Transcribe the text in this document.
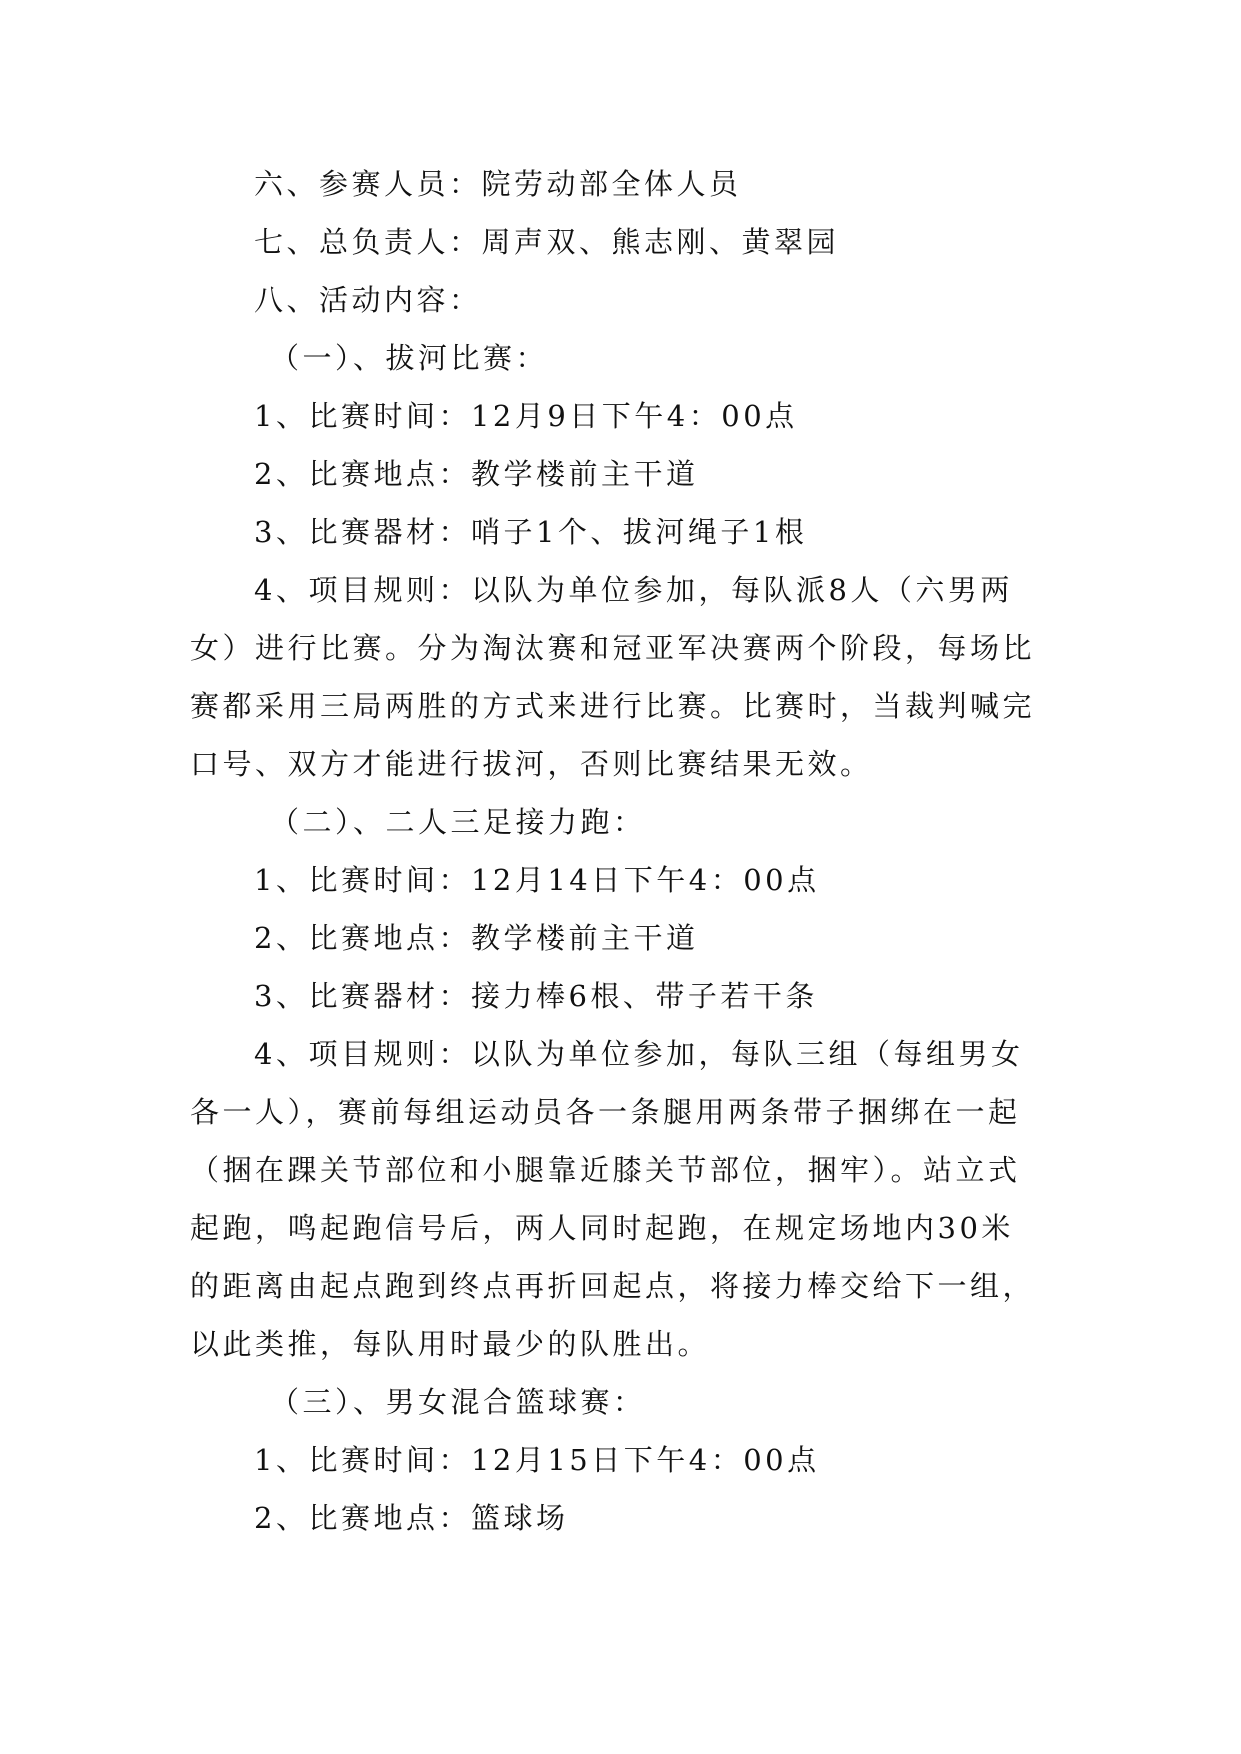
六、参赛人员：院劳动部全体人员
七、总负责人：周声双、熊志刚、黄翠园
八、活动内容：
（一）、拔河比赛：
1、比赛时间：12月9日下午4：00点
2、比赛地点：教学楼前主干道
3、比赛器材：哨子1个、拔河绳子1根
4、项目规则：以队为单位参加，每队派8人（六男两
女）进行比赛。分为淘汰赛和冠亚军决赛两个阶段，每场比
赛都采用三局两胜的方式来进行比赛。比赛时，当裁判喊完
口号、双方才能进行拔河，否则比赛结果无效。
（二）、二人三足接力跑：
1、比赛时间：12月14日下午4：00点
2、比赛地点：教学楼前主干道
3、比赛器材：接力棒6根、带子若干条
4、项目规则：以队为单位参加，每队三组（每组男女
各一人），赛前每组运动员各一条腿用两条带子捆绑在一起
（捆在踝关节部位和小腿靠近膝关节部位，捆牢）。站立式
起跑，鸣起跑信号后，两人同时起跑，在规定场地内30米
的距离由起点跑到终点再折回起点，将接力棒交给下一组，
以此类推，每队用时最少的队胜出。
（三）、男女混合篮球赛：
1、比赛时间：12月15日下午4：00点
2、比赛地点：篮球场
